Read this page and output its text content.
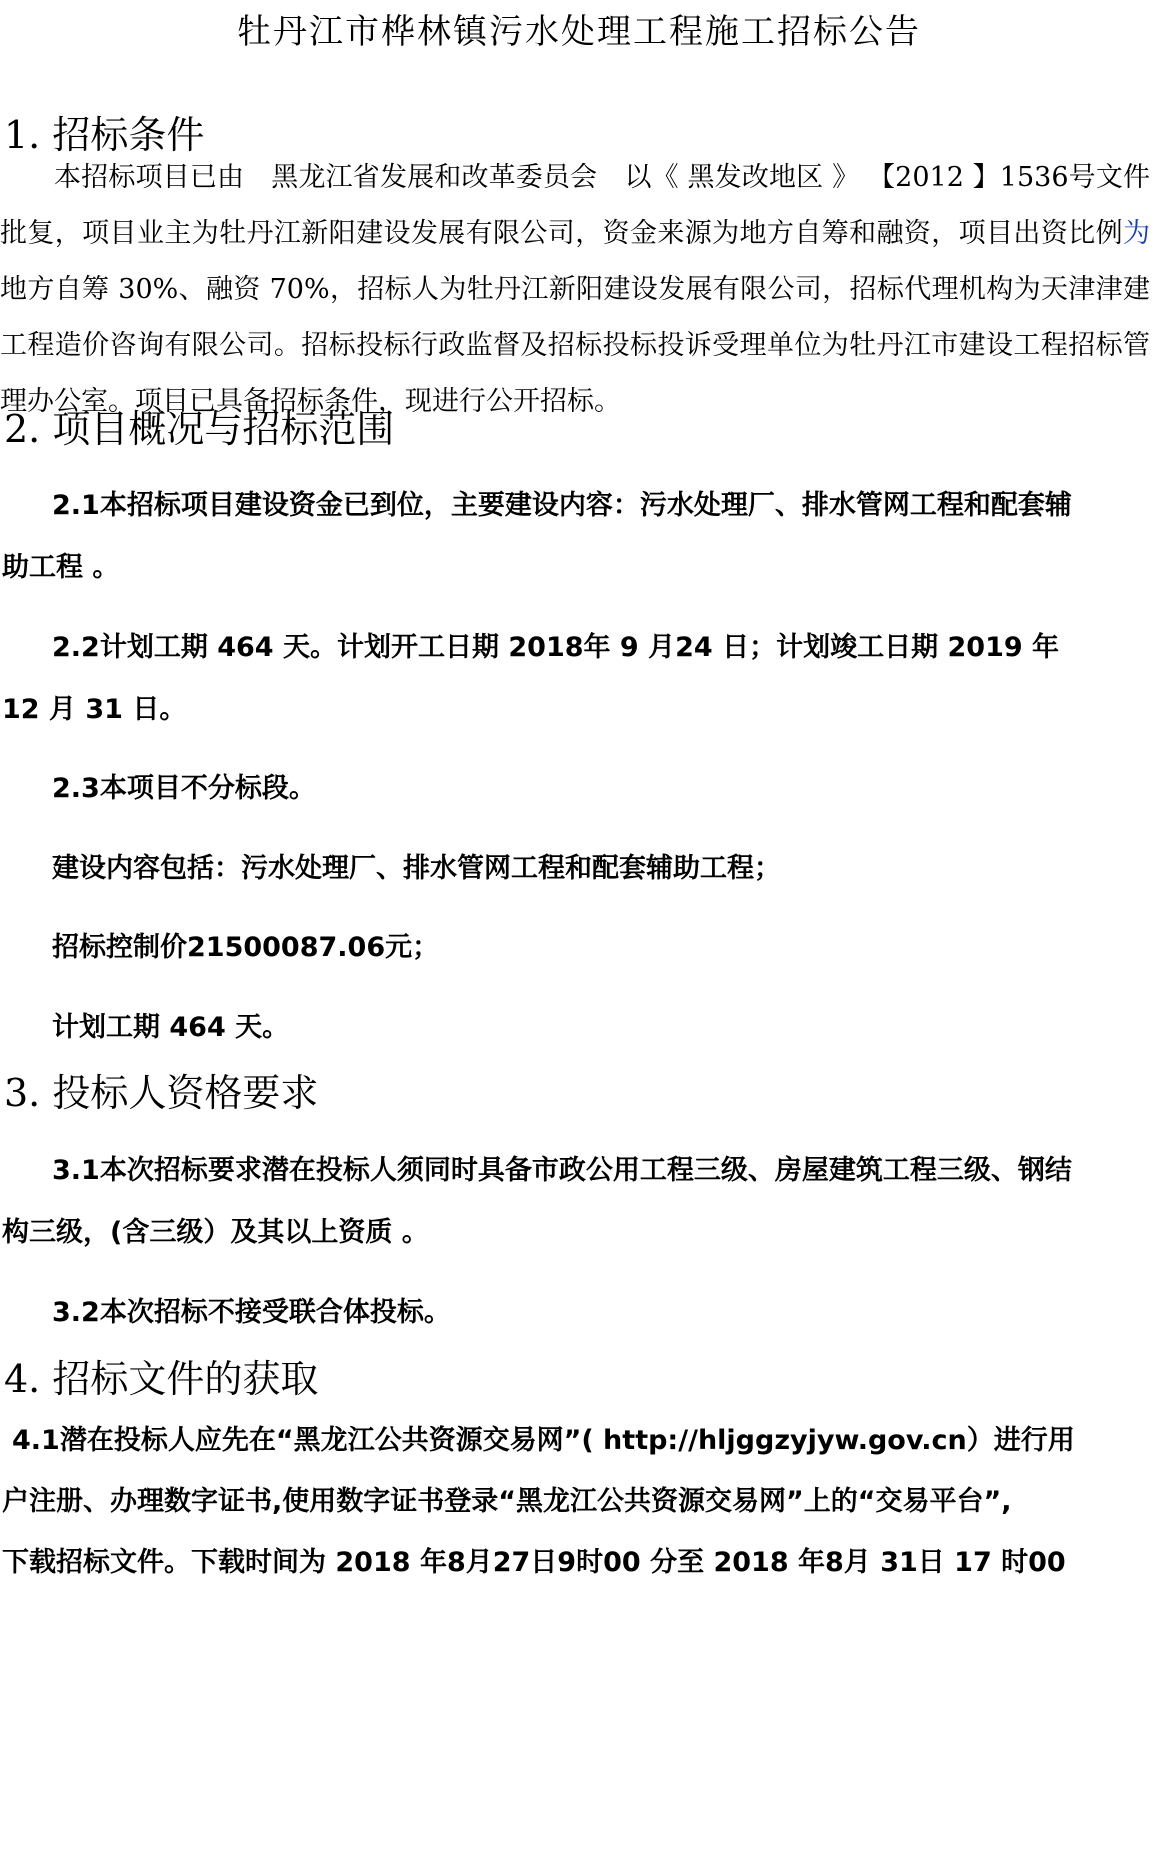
牡丹江市桦林镇污水处理工程施工招标公告
1. 招标条件

本招标项目已由　黑龙江省发展和改革委员会　以《 黑发改地区 》 【2012 】1536号文件批复，项目业主为牡丹江新阳建设发展有限公司，资金来源为地方自筹和融资，项目出资比例为地方自筹 30%、融资 70%，招标人为牡丹江新阳建设发展有限公司，招标代理机构为天津津建工程造价咨询有限公司。招标投标行政监督及招标投标投诉受理单位为牡丹江市建设工程招标管理办公室。项目已具备招标条件，现进行公开招标。

2. 项目概况与招标范围
2.1本招标项目建设资金已到位，主要建设内容：污水处理厂、排水管网工程和配套辅
助工程 。
2.2计划工期 464 天。计划开工日期 2018年 9 月24 日；计划竣工日期 2019 年
12 月 31 日。
2.3本项目不分标段。
建设内容包括：污水处理厂、排水管网工程和配套辅助工程；
招标控制价21500087.06元；
计划工期 464 天。
3. 投标人资格要求
3.1本次招标要求潜在投标人须同时具备市政公用工程三级、房屋建筑工程三级、钢结
构三级，(含三级）及其以上资质 。
3.2本次招标不接受联合体投标。
4. 招标文件的获取
4.1潜在投标人应先在“黑龙江公共资源交易网”( http://hljggzyjyw.gov.cn）进行用
户注册、办理数字证书,使用数字证书登录“黑龙江公共资源交易网”上的“交易平台”,
下载招标文件。下载时间为 2018 年8月27日9时00 分至 2018 年8月 31日 17 时00
